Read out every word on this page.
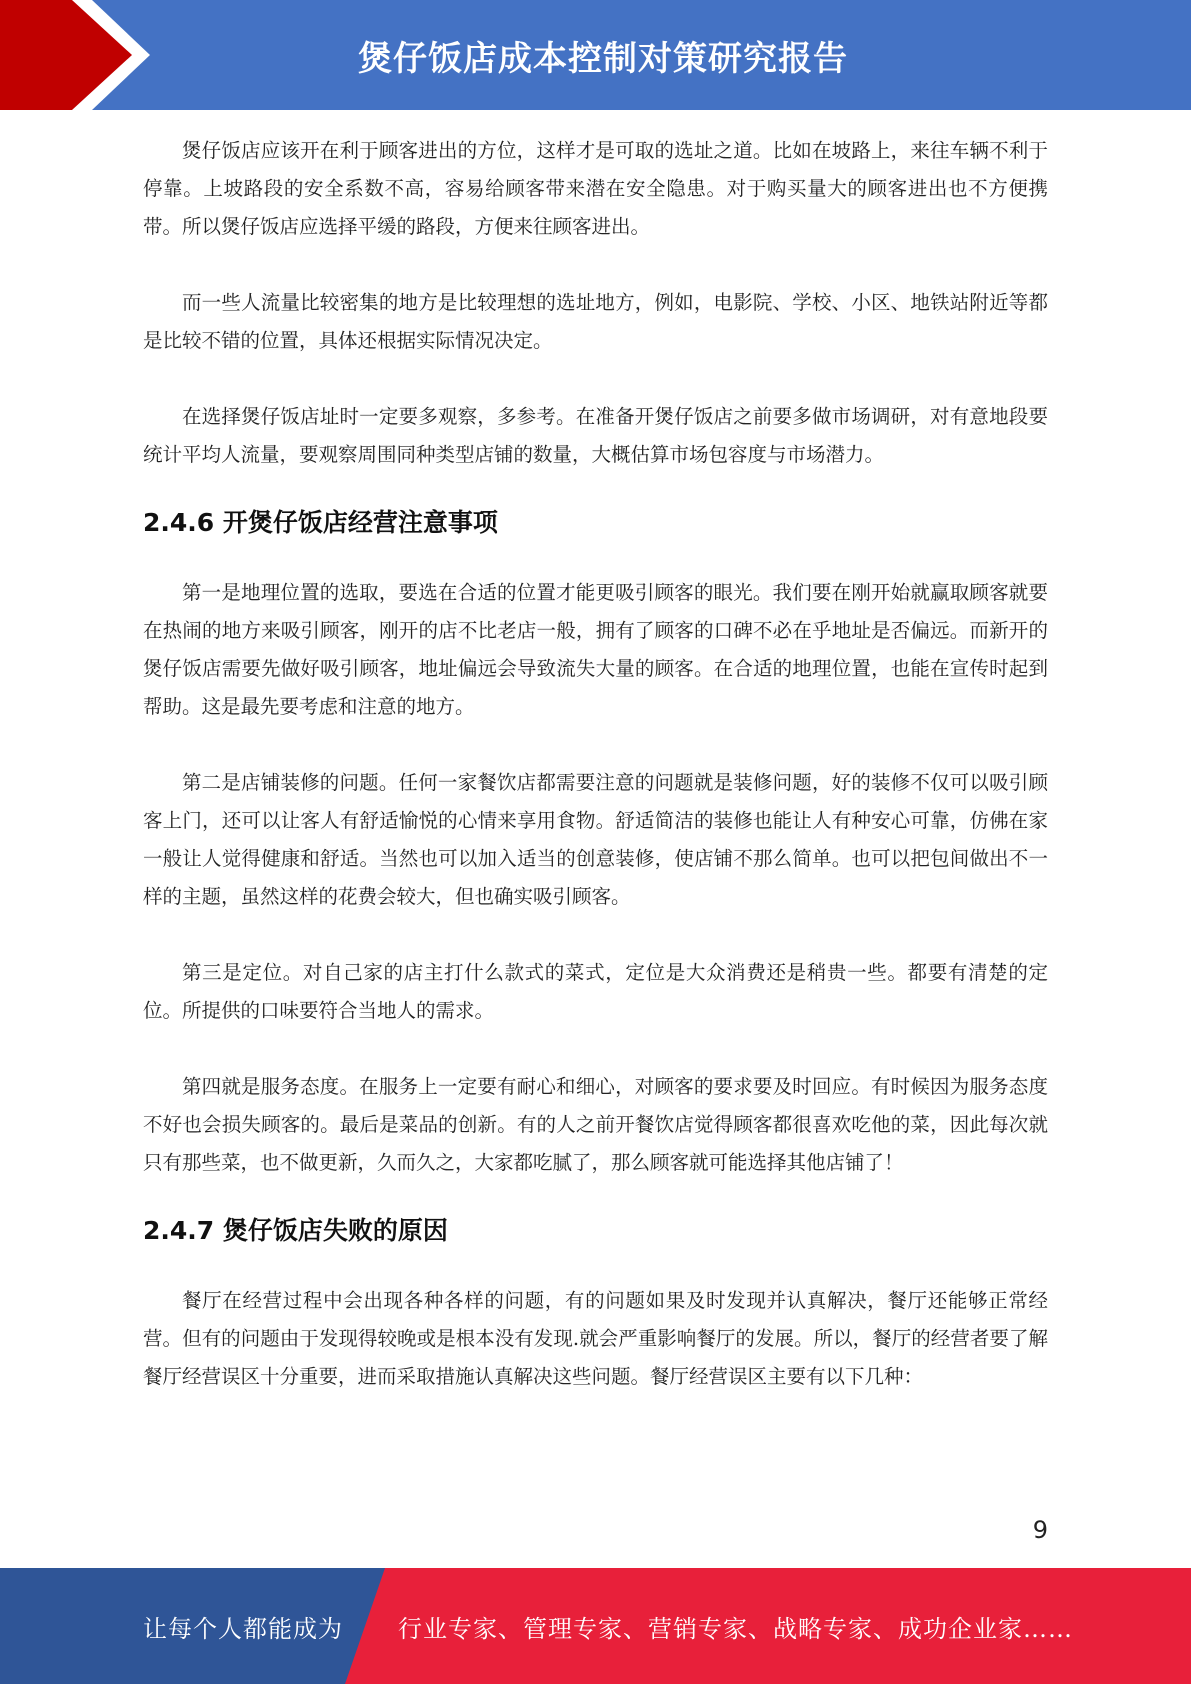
煲仔饭店成本控制对策研究报告

煲仔饭店应该开在利于顾客进出的方位，这样才是可取的选址之道。比如在坡路上，来往车辆不利于停靠。上坡路段的安全系数不高，容易给顾客带来潜在安全隐患。对于购买量大的顾客进出也不方便携带。所以煲仔饭店应选择平缓的路段，方便来往顾客进出。

而一些人流量比较密集的地方是比较理想的选址地方，例如，电影院、学校、小区、地铁站附近等都是比较不错的位置，具体还根据实际情况决定。

在选择煲仔饭店址时一定要多观察，多参考。在准备开煲仔饭店之前要多做市场调研，对有意地段要统计平均人流量，要观察周围同种类型店铺的数量，大概估算市场包容度与市场潜力。

2.4.6 开煲仔饭店经营注意事项

第一是地理位置的选取，要选在合适的位置才能更吸引顾客的眼光。我们要在刚开始就赢取顾客就要在热闹的地方来吸引顾客，刚开的店不比老店一般，拥有了顾客的口碑不必在乎地址是否偏远。而新开的煲仔饭店需要先做好吸引顾客，地址偏远会导致流失大量的顾客。在合适的地理位置，也能在宣传时起到帮助。这是最先要考虑和注意的地方。

第二是店铺装修的问题。任何一家餐饮店都需要注意的问题就是装修问题，好的装修不仅可以吸引顾客上门，还可以让客人有舒适愉悦的心情来享用食物。舒适简洁的装修也能让人有种安心可靠，仿佛在家一般让人觉得健康和舒适。当然也可以加入适当的创意装修，使店铺不那么简单。也可以把包间做出不一样的主题，虽然这样的花费会较大，但也确实吸引顾客。

第三是定位。对自己家的店主打什么款式的菜式，定位是大众消费还是稍贵一些。都要有清楚的定位。所提供的口味要符合当地人的需求。

第四就是服务态度。在服务上一定要有耐心和细心，对顾客的要求要及时回应。有时候因为服务态度不好也会损失顾客的。最后是菜品的创新。有的人之前开餐饮店觉得顾客都很喜欢吃他的菜，因此每次就只有那些菜，也不做更新，久而久之，大家都吃腻了，那么顾客就可能选择其他店铺了！

2.4.7 煲仔饭店失败的原因

餐厅在经营过程中会出现各种各样的问题，有的问题如果及时发现并认真解决，餐厅还能够正常经营。但有的问题由于发现得较晚或是根本没有发现.就会严重影响餐厅的发展。所以，餐厅的经营者要了解餐厅经营误区十分重要，进而采取措施认真解决这些问题。餐厅经营误区主要有以下几种：

9
让每个人都能成为 行业专家、管理专家、营销专家、战略专家、成功企业家……
